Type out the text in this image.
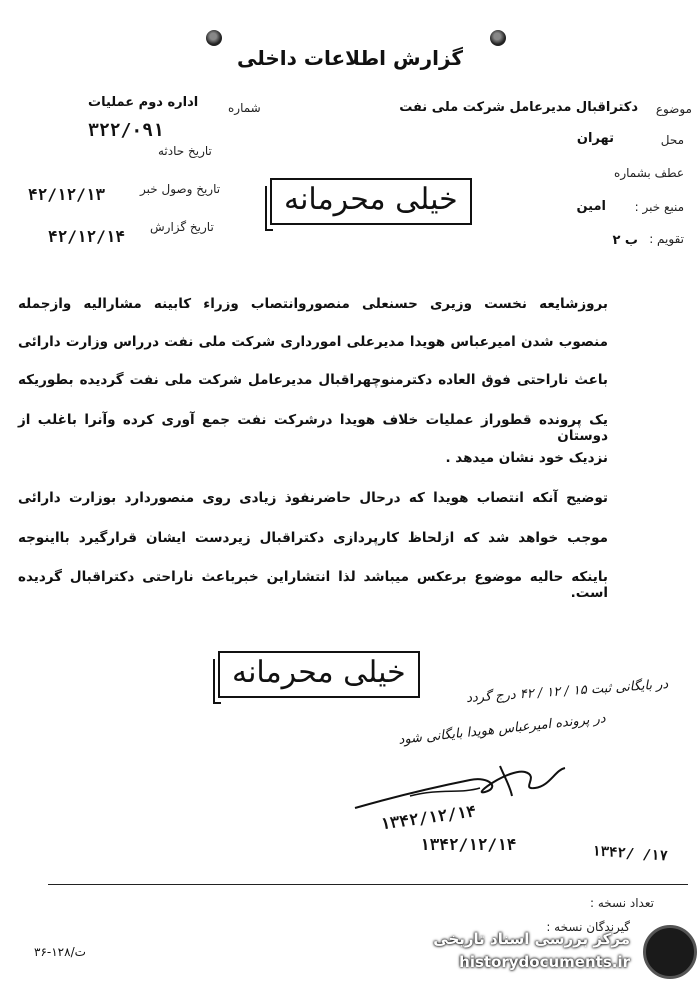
گزارش اطلاعات داخلی
موضوع
دکتراقبال مدیرعامل شرکت ملی نفت
محل
تهران
عطف بشماره
منبع خبر :
امین
تقویم :
ب ۲
شماره
اداره دوم عملیات
۳۲۲/۰۹۱
تاریخ حادثه
تاریخ وصول خبر
۴۲/۱۲/۱۳
تاریخ گزارش
۴۲/۱۲/۱۴
خیلی محرمانه
بروزشایعه نخست وزیری حسنعلی منصوروانتصاب وزراء کابینه مشارالیه وازجمله
منصوب شدن امیرعباس هویدا مدیرعلی امورداری شرکت ملی نفت درراس وزارت دارائی
باعث ناراحتی فوق العاده دکترمنوچهراقبال مدیرعامل شرکت ملی نفت گردیده بطوریکه
یک پرونده قطوراز عملیات خلاف هویدا درشرکت نفت جمع آوری کرده وآنرا باغلب از دوستان
نزدیک خود نشان میدهد .
توضیح آنکه انتصاب هویدا که درحال حاضرنفوذ زیادی روی منصوردارد بوزارت دارائی
موجب خواهد شد که ازلحاظ کارپردازی دکتراقبال زیردست ایشان قرارگیرد بااینوجه
باینکه حالیه موضوع برعکس میباشد لذا انتشاراین خبرباعث ناراحتی دکتراقبال گردیده است.
خیلی محرمانه
در بایگانی ثبت ۱۵ / ۱۲ / ۴۲ درج گردد
در پرونده امیرعباس هویدا بایگانی شود
۱۳۴۲/۱۲/۱۴
۱۳۴۲/۱۲/۱۴	۱۳۴۲/ /۱۷
تعداد نسخه :
گیرندگان نسخه :
ت/۱۲۸-۳۶
مرکز بررسی اسناد تاریخی
historydocuments.ir
